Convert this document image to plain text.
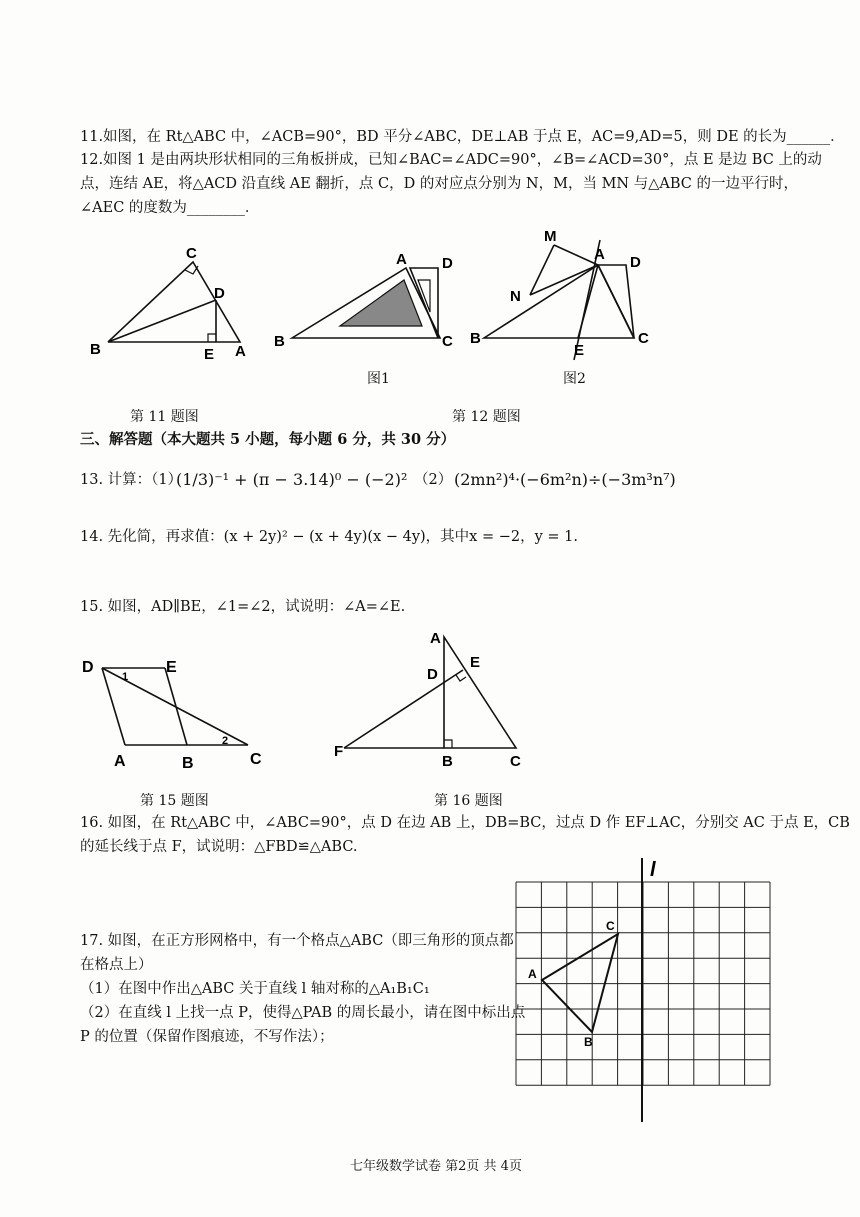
11.如图，在 Rt△ABC 中，∠ACB=90°，BD 平分∠ABC，DE⊥AB 于点 E，AC=9,AD=5，则 DE 的长为______．
12.如图 1 是由两块形状相同的三角板拼成，已知∠BAC=∠ADC=90°，∠B=∠ACD=30°，点 E 是边 BC 上的动
点，连结 AE，将△ACD 沿直线 AE 翻折，点 C，D 的对应点分别为 N，M，当 MN 与△ABC 的一边平行时，
∠AEC 的度数为________．
C
D
B	E A
第 11 题图
A D
B	C
图1
M
A D
N
B
E
C
图2
第 12 题图
三、解答题（本大题共 5 小题，每小题 6 分，共 30 分）
13. 计算：（1）
(1/3)⁻¹ + (π − 3.14)⁰ − (−2)² （2） (2mn²)⁴·(−6m²n)÷(−3m³n⁷)
14. 先化简，再求值：(x + 2y)² − (x + 4y)(x − 4y)，其中x = −2，y = 1.
15. 如图，AD∥BE，∠1=∠2，试说明：∠A=∠E.
D	E
1
2
A	B	C
第 15 题图
A
D
E
F
B	C
第 16 题图
16. 如图，在 Rt△ABC 中，∠ABC=90°，点 D 在边 AB 上，DB=BC，过点 D 作 EF⊥AC，分别交 AC 于点 E，CB
的延长线于点 F，试说明：△FBD≌△ABC.
17. 如图，在正方形网格中，有一个格点△ABC（即三角形的顶点都
在格点上）
（1）在图中作出△ABC 关于直线 l 轴对称的△A₁B₁C₁
（2）在直线 l 上找一点 P，使得△PAB 的周长最小，请在图中标出点
P 的位置（保留作图痕迹，不写作法）；
l
A
B
C
七年级数学试卷 第2页 共 4页
